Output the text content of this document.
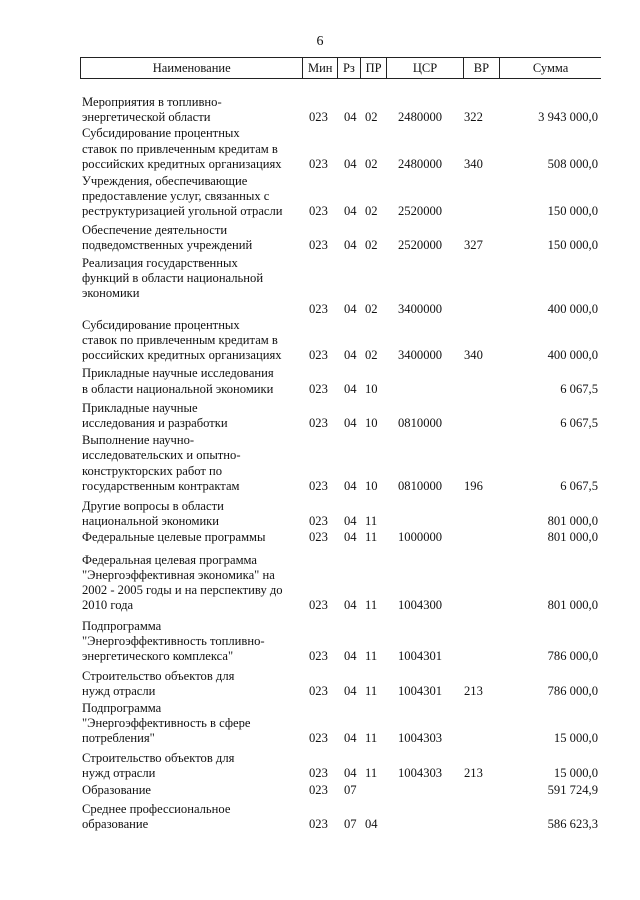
6
Наименование	Мин Рз ПР	ЦСР	ВР	Сумма
Мероприятия в топливно-
энергетической области	023 04 02 2480000 322	3 943 000,0
Субсидирование процентных
ставок по привлеченным кредитам в
российских кредитных организациях	023 04 02 2480000 340	508 000,0
Учреждения, обеспечивающие
предоставление услуг, связанных с
реструктуризацией угольной отрасли	023 04 02 2520000	150 000,0
Обеспечение деятельности
подведомственных учреждений	023 04 02 2520000 327	150 000,0
Реализация государственных
функций в области национальной
экономики

023 04 02 3400000	400 000,0
Субсидирование процентных
ставок по привлеченным кредитам в
российских кредитных организациях	023 04 02 3400000 340	400 000,0
Прикладные научные исследования
в области национальной экономики	023 04 10	6 067,5
Прикладные научные
исследования и разработки	023 04 10 0810000	6 067,5
Выполнение научно-
исследовательских и опытно-
конструкторских работ по
государственным контрактам	023 04 10 0810000 196	6 067,5
Другие вопросы в области
национальной экономики	023 04 11	801 000,0
Федеральные целевые программы	023 04 11 1000000	801 000,0
Федеральная целевая программа
"Энергоэффективная экономика" на
2002 - 2005 годы и на перспективу до
2010 года	023 04 11 1004300	801 000,0
Подпрограмма
"Энергоэффективность топливно-
энергетического комплекса"	023 04 11 1004301	786 000,0
Строительство объектов для
нужд отрасли	023 04 11 1004301 213	786 000,0
Подпрограмма
"Энергоэффективность в сфере
потребления"	023 04 11 1004303	15 000,0
Строительство объектов для
нужд отрасли	023 04 11 1004303 213	15 000,0
Образование	023 07	591 724,9
Среднее профессиональное
образование	023 07 04	586 623,3
